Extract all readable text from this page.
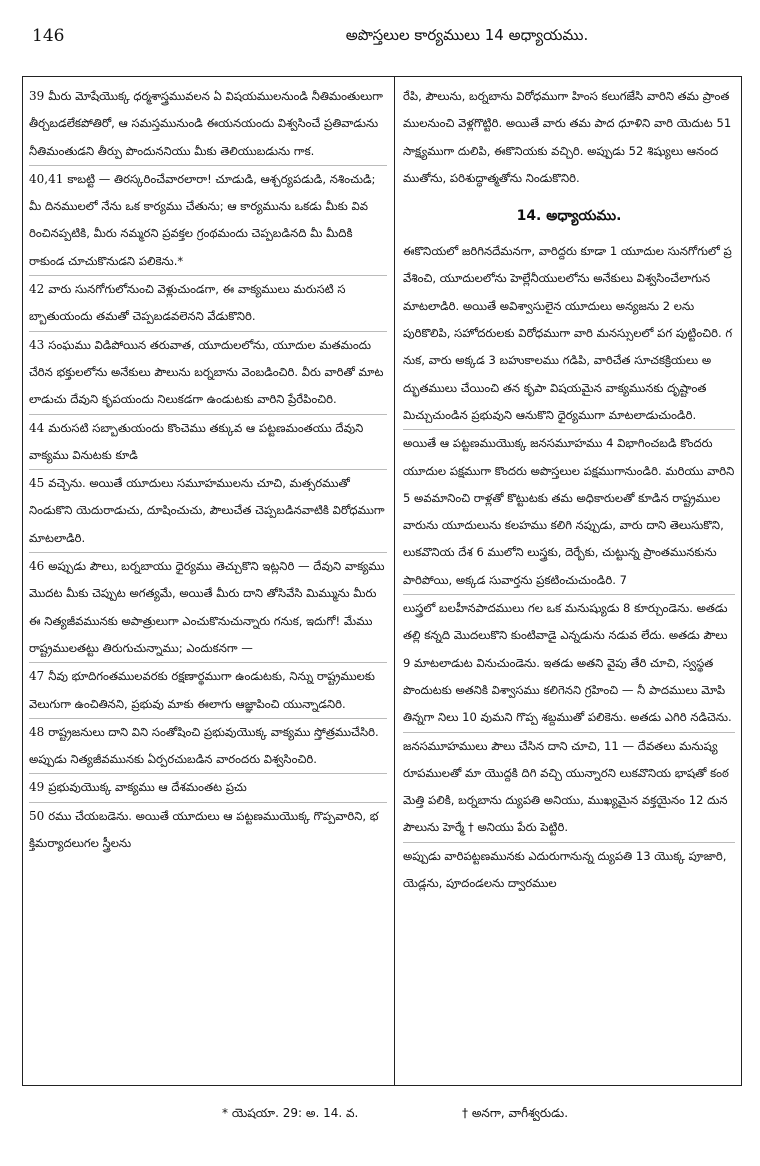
146	అపొస్తలుల కార్యములు 14 అధ్యాయము.

39 మీరు మోషేయొక్క ధర్మశాస్త్రమువలన ఏ విషయములనుండి నీతిమంతులుగా తీర్చబడలేకపోతిరో, ఆ సమస్తమునుండి ఈయనయందు విశ్వసించే ప్రతివాడును నీతిమంతుడని తీర్పు పొందుననియు మీకు తెలియుబడును గాక.

40,41 కాబట్టి — తిరస్కరించేవారలారా! చూడుడి, ఆశ్చర్యపడుడి, నశించుడి; మీ దినములలో నేను ఒక కార్యము చేతును; ఆ కార్యమును ఒకడు మీకు వివరించినప్పటికి, మీరు నమ్మరని ప్రవక్తల గ్రంథమందు చెప్పబడినది మీ మీదికి రాకుండ చూచుకొనుడని పలికెను.*

42 వారు సునగోగులోనుంచి వెళ్లుచుండగా, ఈ వాక్యములు మరుసటి సబ్బాతుయందు తమతో చెప్పబడవలెనని వేడుకొనిరి.

43 సంఘము విడిపోయిన తరువాత, యూదులలోను, యూదుల మతమందు చేరిన భక్తులలోను అనేకులు పౌలును బర్నబాను వెంబడించిరి. వీరు వారితో మాటలాడుచు దేవుని కృపయందు నిలుకడగా ఉండుటకు వారిని ప్రేరేపించిరి.

44 మరుసటి సబ్బాతుయందు కొంచెము తక్కువ ఆ పట్టణమంతయు దేవుని వాక్యము వినుటకు కూడి

45 వచ్చెను. అయితే యూదులు సమూహములను చూచి, మత్సరముతో నిండుకొని యెదురాడుచు, దూషించుచు, పౌలుచేత చెప్పబడినవాటికి విరోధముగా మాటలాడిరి.

46 అప్పుడు పౌలు, బర్నబాయు ధైర్యము తెచ్చుకొని ఇట్లనిరి — దేవుని వాక్యము మొదట మీకు చెప్పుట అగత్యమే, అయితే మీరు దాని తోసివేసి మిమ్మును మీరు ఈ నిత్యజీవమునకు అపాత్రులుగా ఎంచుకొనుచున్నారు గనుక, ఇదుగో! మేము రాష్ట్రములతట్టు తిరుగుచున్నాము; ఎందుకనగా —

47 నీవు భూదిగంతములవరకు రక్షణార్థముగా ఉండుటకు, నిన్ను రాష్ట్రములకు వెలుగుగా ఉంచితినని, ప్రభువు మాకు ఈలాగు ఆజ్ఞాపించి యున్నాడనిరి.

48 రాష్ట్రజనులు దాని విని సంతోషించి ప్రభువుయొక్క వాక్యము స్తోత్రముచేసిరి. అప్పుడు నిత్యజీవమునకు ఏర్పరచుబడిన వారందరు విశ్వసించిరి.

49 ప్రభువుయొక్క వాక్యము ఆ దేశమంతట ప్రచు

50 రము చేయబడెను. అయితే యూదులు ఆ పట్టణముయొక్క గొప్పవారిని, భక్తిమర్యాదలుగల స్త్రీలను

రేపి, పౌలును, బర్నబాను విరోధముగా హింస కలుగజేసి వారిని తమ ప్రాంతములనుంచి వెళ్లగొట్టిరి. అయితే వారు తమ పాద ధూళిని వారి యెదుట 51 సాక్ష్యముగా దులిపి, ఈకొనియకు వచ్చిరి. అప్పుడు 52 శిష్యులు ఆనందముతోను, పరిశుద్ధాత్మతోను నిండుకొనిరి.

14. అధ్యాయము.

ఈకొనియలో జరిగినదేమనగా, వారిద్దరు కూడా 1 యూదుల సునగోగులో ప్రవేశించి, యూదులలోను హెల్లేనీయులలోను అనేకులు విశ్వసించేలాగున మాటలాడిరి. అయితే అవిశ్వాసులైన యూదులు అన్యజను 2 లను పురికొలిపి, సహోదరులకు విరోధముగా వారి మనస్సులలో పగ పుట్టించిరి. గనుక, వారు అక్కడ 3 బహుకాలము గడిపి, వారిచేత సూచకక్రియలు అద్భుతములు చేయించి తన కృపా విషయమైన వాక్యమునకు దృష్టాంతమిచ్చుచుండిన ప్రభువుని ఆనుకొని ధైర్యముగా మాటలాడుచుండిరి.

అయితే ఆ పట్టణముయొక్క జనసమూహము 4 విభాగించబడి కొందరు యూదుల పక్షముగా కొందరు అపొస్తలుల పక్షముగానుండిరి. మరియు వారిని 5 అవమానించి రాళ్లతో కొట్టుటకు తమ అధికారులతో కూడిన రాష్ట్రములవారును యూదులును కలహము కలిగి నప్పుడు, వారు దాని తెలుసుకొని, లుకవొనియ దేశ 6 ములోని లుస్త్రకు, దెర్బేకు, చుట్టున్న ప్రాంతమునకును పారిపోయి, అక్కడ సువార్తను ప్రకటించుచుండిరి. 7

లుస్త్రలో బలహీనపాదములు గల ఒక మనుష్యుడు 8 కూర్చుండెను. అతడు తల్లి కన్నది మొదలుకొని కుంటివాడై ఎన్నడును నడువ లేదు. అతడు పౌలు 9 మాటలాడుట వినుచుండెను. ఇతడు అతని వైపు తేరి చూచి, స్వస్థత పొందుటకు అతనికి విశ్వాసము కలిగెనని గ్రహించి — నీ పాదములు మోపి తిన్నగా నిలు 10 వుమని గొప్ప శబ్దముతో పలికెను. అతడు ఎగిరి నడిచెను.

జనసమూహములు పౌలు చేసిన దాని చూచి, 11 — దేవతలు మనుష్యరూపములతో మా యొద్దకి దిగి వచ్చి యున్నారని లుకవొనియ భాషతో కంఠమెత్తి పలికి, బర్నబాను ద్యుపతి అనియు, ముఖ్యమైన వక్తయైనం 12 దున పౌలును హెర్మే † అనియు పేరు పెట్టిరి.

అప్పుడు వారిపట్టణమునకు ఎదురుగానున్న ద్యుపతి 13 యొక్క పూజారి, యెడ్లను, పూదండలను ద్వారముల

* యెషయా. 29: అ. 14. వ.	† అనగా, వాగీశ్వరుడు.
